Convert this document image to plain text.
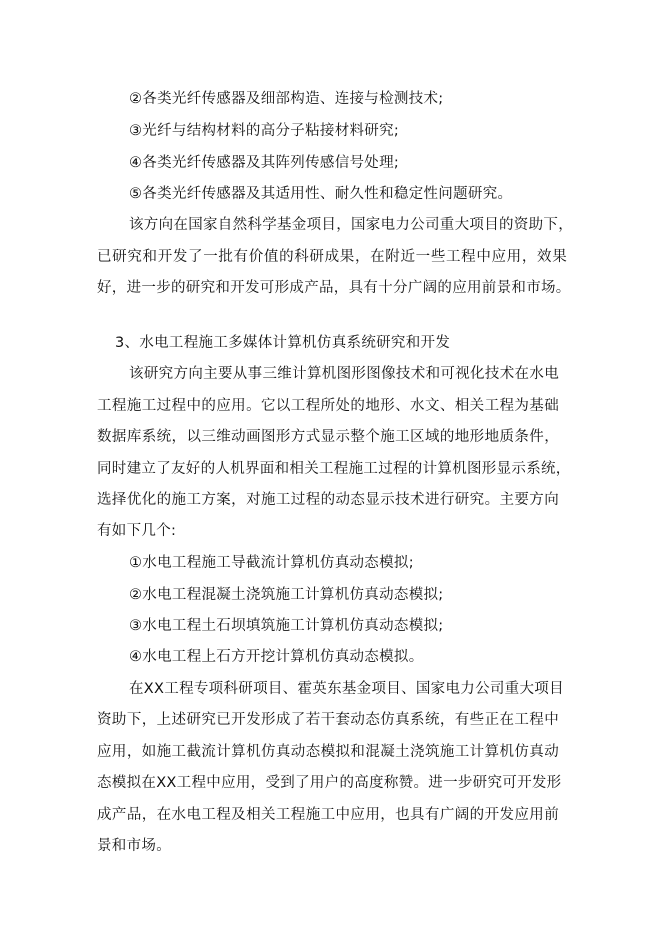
②各类光纤传感器及细部构造、连接与检测技术;
③光纤与结构材料的高分子粘接材料研究;
④各类光纤传感器及其阵列传感信号处理;
⑤各类光纤传感器及其适用性、耐久性和稳定性问题研究。
该方向在国家自然科学基金项目，国家电力公司重大项目的资助下，
已研究和开发了一批有价值的科研成果，在附近一些工程中应用，效果
好，进一步的研究和开发可形成产品，具有十分广阔的应用前景和市场。
3、水电工程施工多媒体计算机仿真系统研究和开发
该研究方向主要从事三维计算机图形图像技术和可视化技术在水电
工程施工过程中的应用。它以工程所处的地形、水文、相关工程为基础
数据库系统，以三维动画图形方式显示整个施工区域的地形地质条件，
同时建立了友好的人机界面和相关工程施工过程的计算机图形显示系统，
选择优化的施工方案，对施工过程的动态显示技术进行研究。主要方向
有如下几个:
①水电工程施工导截流计算机仿真动态模拟;
②水电工程混凝土浇筑施工计算机仿真动态模拟;
③水电工程土石坝填筑施工计算机仿真动态模拟;
④水电工程上石方开挖计算机仿真动态模拟。
在XX工程专项科研项目、霍英东基金项目、国家电力公司重大项目
资助下，上述研究已开发形成了若干套动态仿真系统，有些正在工程中
应用，如施工截流计算机仿真动态模拟和混凝土浇筑施工计算机仿真动
态模拟在XX工程中应用，受到了用户的高度称赞。进一步研究可开发形
成产品，在水电工程及相关工程施工中应用，也具有广阔的开发应用前
景和市场。
